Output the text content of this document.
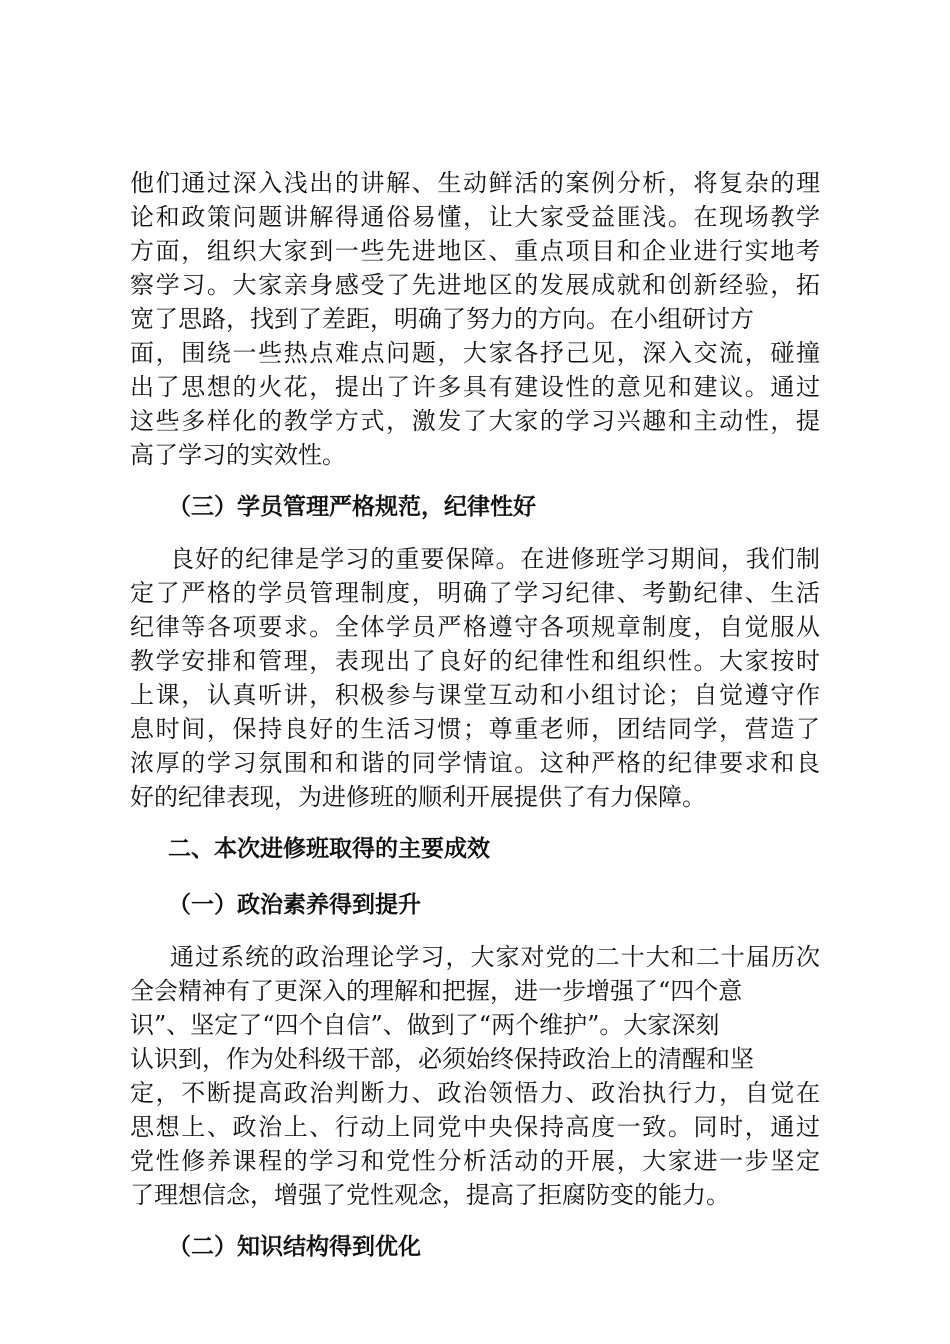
他们通过深入浅出的讲解、生动鲜活的案例分析，将复杂的理
论和政策问题讲解得通俗易懂，让大家受益匪浅。在现场教学
方面，组织大家到一些先进地区、重点项目和企业进行实地考
察学习。大家亲身感受了先进地区的发展成就和创新经验，拓
宽了思路，找到了差距，明确了努力的方向。在小组研讨方
面，围绕一些热点难点问题，大家各抒己见，深入交流，碰撞
出了思想的火花，提出了许多具有建设性的意见和建议。通过
这些多样化的教学方式，激发了大家的学习兴趣和主动性，提
高了学习的实效性。
（三）学员管理严格规范，纪律性好
良好的纪律是学习的重要保障。在进修班学习期间，我们制
定了严格的学员管理制度，明确了学习纪律、考勤纪律、生活
纪律等各项要求。全体学员严格遵守各项规章制度，自觉服从
教学安排和管理，表现出了良好的纪律性和组织性。大家按时
上课，认真听讲，积极参与课堂互动和小组讨论；自觉遵守作
息时间，保持良好的生活习惯；尊重老师，团结同学，营造了
浓厚的学习氛围和和谐的同学情谊。这种严格的纪律要求和良
好的纪律表现，为进修班的顺利开展提供了有力保障。
二、本次进修班取得的主要成效
（一）政治素养得到提升
通过系统的政治理论学习，大家对党的二十大和二十届历次
全会精神有了更深入的理解和把握，进一步增强了“四个意
识”、坚定了“四个自信”、做到了“两个维护”。大家深刻
认识到，作为处科级干部，必须始终保持政治上的清醒和坚
定，不断提高政治判断力、政治领悟力、政治执行力，自觉在
思想上、政治上、行动上同党中央保持高度一致。同时，通过
党性修养课程的学习和党性分析活动的开展，大家进一步坚定
了理想信念，增强了党性观念，提高了拒腐防变的能力。
（二）知识结构得到优化
